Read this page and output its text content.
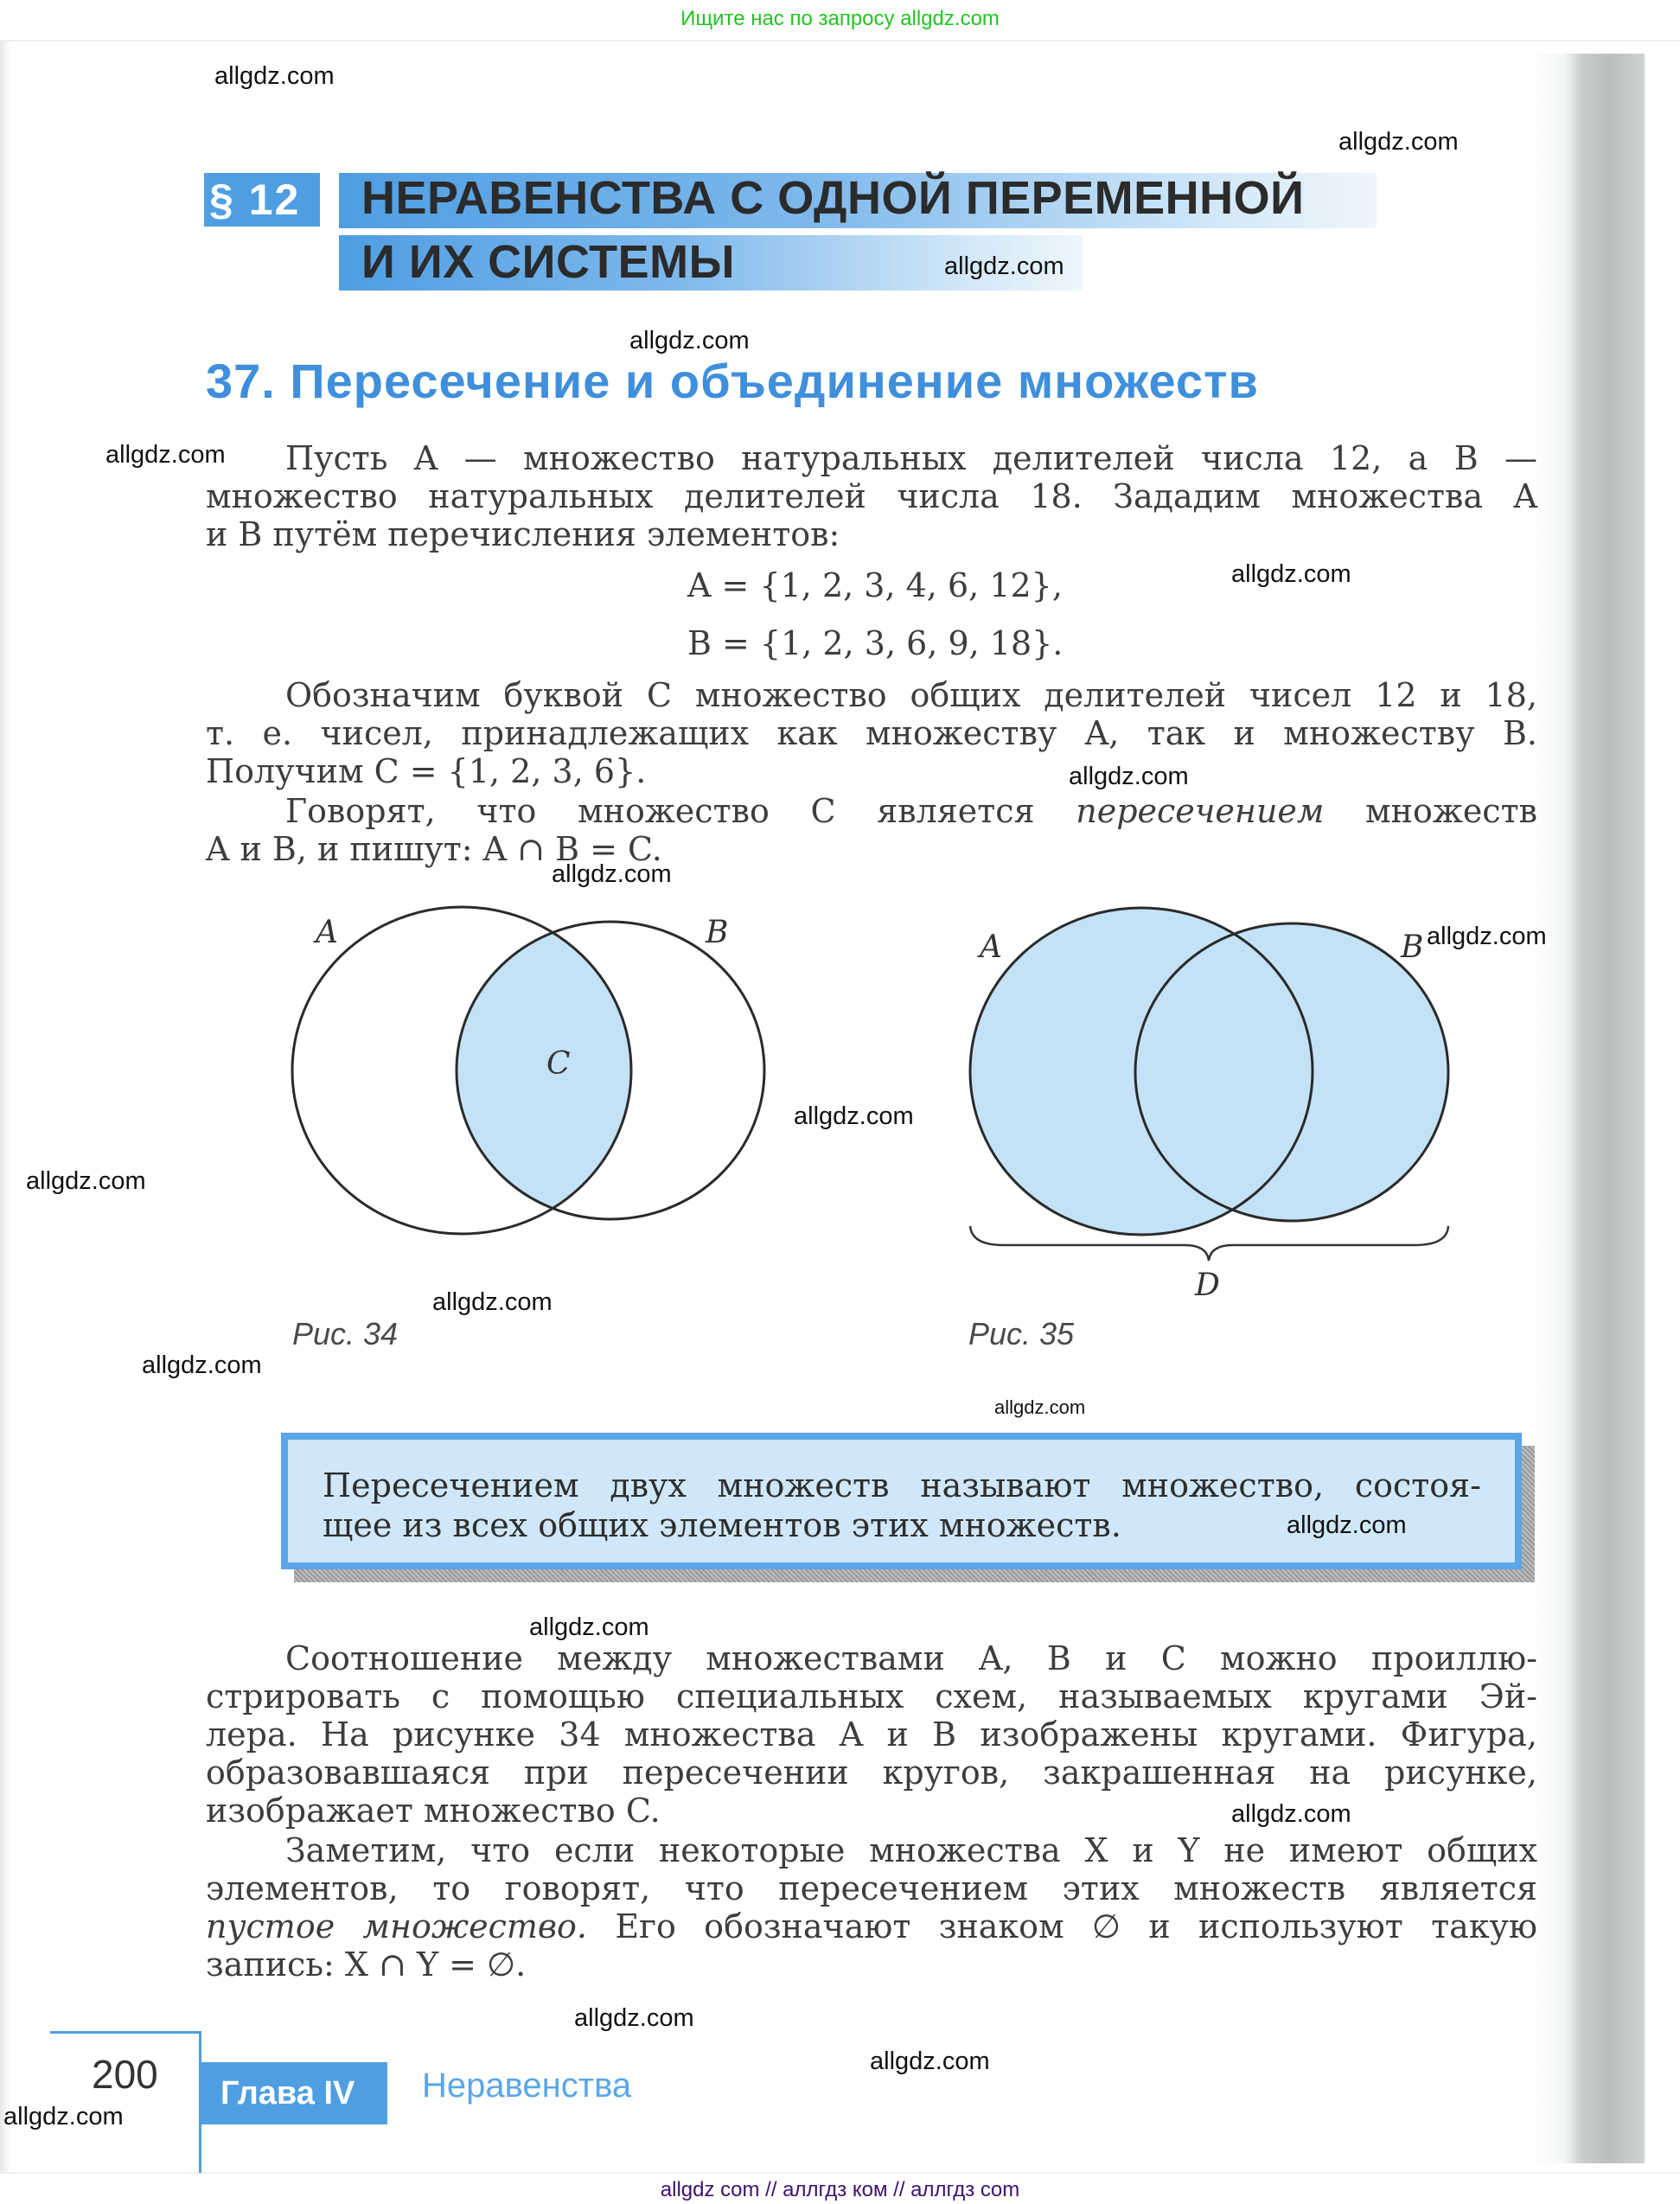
Ищите нас по запросу allgdz.com
§ 12	НЕРАВЕНСТВА С ОДНОЙ ПЕРЕМЕННОЙ
И ИХ СИСТЕМЫ
37. Пересечение и объединение множеств
Пусть A — множество натуральных делителей числа 12, а B —
множество натуральных делителей числа 18. Зададим множества A
и B путём перечисления элементов:
A = {1, 2, 3, 4, 6, 12},
B = {1, 2, 3, 6, 9, 18}.
Обозначим буквой C множество общих делителей чисел 12 и 18,
т. е. чисел, принадлежащих как множеству A, так и множеству B.
Получим C = {1, 2, 3, 6}.
Говорят, что множество C является пересечением множеств
A и B, и пишут: A ∩ B = C.
A	B
C
Рис. 34
A	B
D
Рис. 35
Пересечением двух множеств называют множество, состоя-
щее из всех общих элементов этих множеств.
Соотношение между множествами A, B и C можно проиллю-
стрировать с помощью специальных схем, называемых кругами Эй-
лера. На рисунке 34 множества A и B изображены кругами. Фигура,
образовавшаяся при пересечении кругов, закрашенная на рисунке,
изображает множество C.
Заметим, что если некоторые множества X и Y не имеют общих
элементов, то говорят, что пересечением этих множеств является
пустое множество. Его обозначают знаком ∅ и используют такую
запись: X ∩ Y = ∅.
200	Глава IV	Неравенства
allgdz.com
allgdz.com
allgdz.com
allgdz.com
allgdz.com
allgdz.com
allgdz.com
allgdz.com
allgdz.com
allgdz.com
allgdz.com
allgdz.com
allgdz.com
allgdz.com
allgdz.com
allgdz.com
allgdz.com
allgdz.com
allgdz.com
allgdz.com
allgdz com // аллгдз ком // аллгдз com
